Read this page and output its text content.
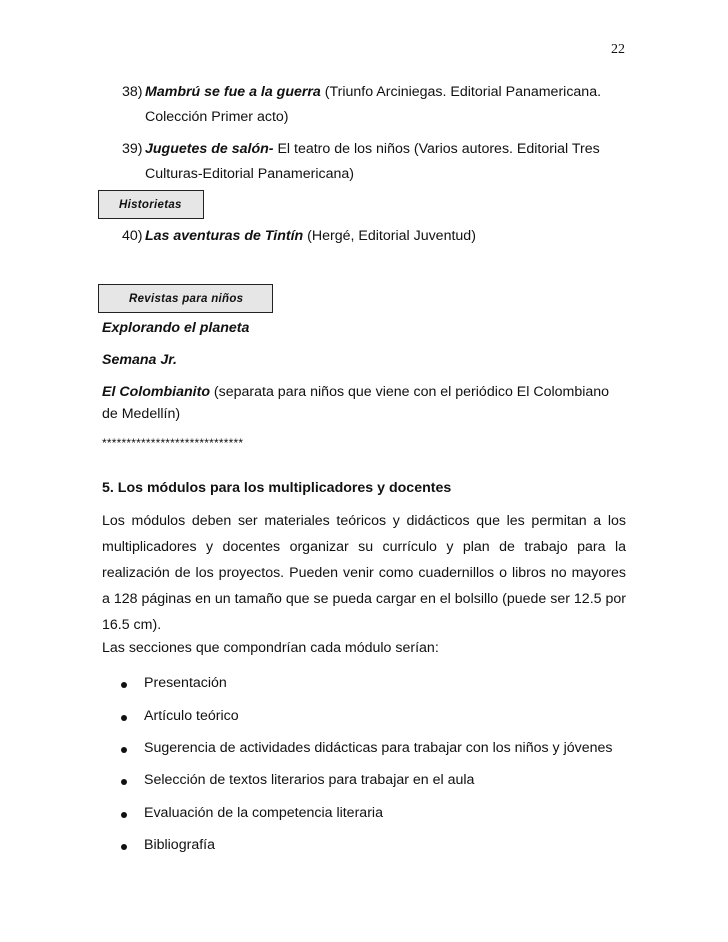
22
38) Mambrú se fue a la guerra (Triunfo Arciniegas. Editorial Panamericana.
Colección Primer acto)
39) Juguetes de salón- El teatro de los niños (Varios autores. Editorial Tres
Culturas-Editorial Panamericana)
Historietas
40) Las aventuras de Tintín (Hergé, Editorial Juventud)
Revistas para niños
Explorando el planeta
Semana Jr.
El Colombianito (separata para niños que viene con el periódico El Colombiano
de Medellín)
*****************************
5. Los módulos para los multiplicadores y docentes
Los módulos deben ser materiales teóricos y didácticos que les permitan a los multiplicadores y docentes organizar su currículo y plan de trabajo para la realización de los proyectos. Pueden venir como cuadernillos o libros no mayores a 128 páginas en un tamaño que se pueda cargar en el bolsillo (puede ser 12.5 por 16.5 cm).
Las secciones que compondrían cada módulo serían:
Presentación
Artículo teórico
Sugerencia de actividades didácticas para trabajar con los niños y jóvenes
Selección de textos literarios para trabajar en el aula
Evaluación de la competencia literaria
Bibliografía
